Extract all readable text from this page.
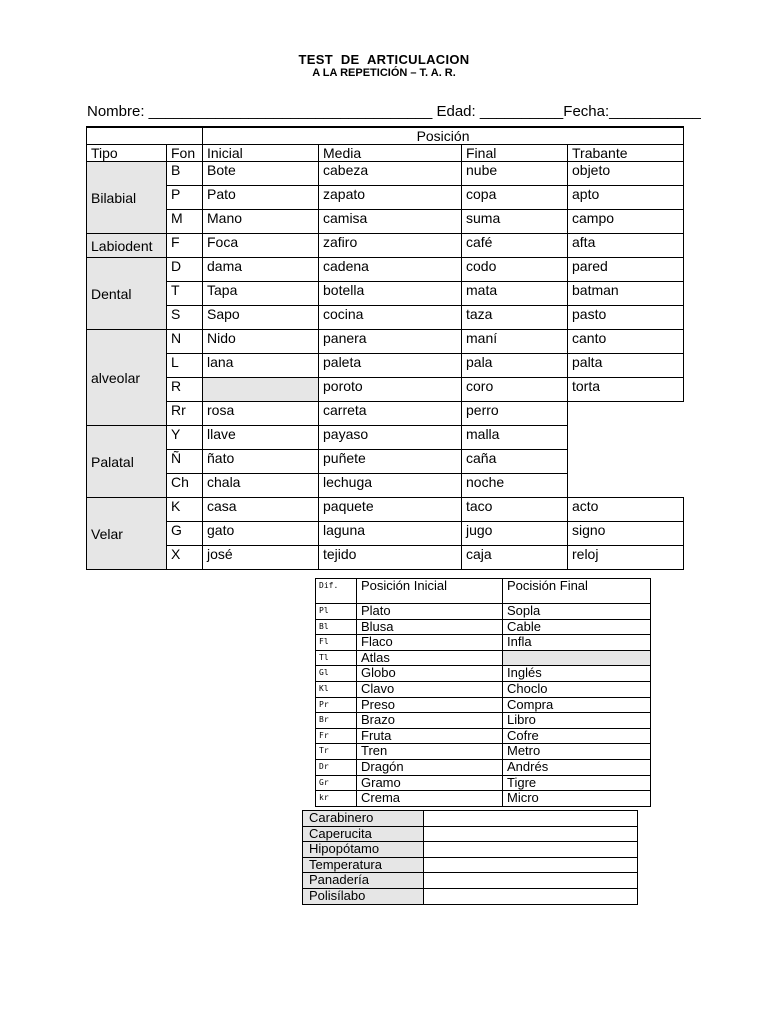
TEST DE ARTICULACION
A LA REPETICIÓN – T. A. R.
Nombre: __________________________________ Edad: __________Fecha:___________
		Posición			
Tipo	Fon	Inicial	Media	Final	Trabante
Bilabial	B	Bote	cabeza	nube	objeto
	P	Pato	zapato	copa	apto
	M	Mano	camisa	suma	campo
Labiodent	F	Foca	zafiro	café	afta
Dental	D	dama	cadena	codo	pared
	T	Tapa	botella	mata	batman
	S	Sapo	cocina	taza	pasto
alveolar	N	Nido	panera	maní	canto
	L	lana	paleta	pala	palta
	R		poroto	coro	torta
	Rr	rosa	carreta	perro	
Palatal	Y	llave	payaso	malla	
	Ñ	ñato	puñete	caña	
	Ch	chala	lechuga	noche	
Velar	K	casa	paquete	taco	acto
	G	gato	laguna	jugo	signo
	X	josé	tejido	caja	reloj
Dif.	Posición Inicial	Pocisión Final
Pl	Plato	Sopla
Bl	Blusa	Cable
Fl	Flaco	Infla
Tl	Atlas	
Gl	Globo	Inglés
Kl	Clavo	Choclo
Pr	Preso	Compra
Br	Brazo	Libro
Fr	Fruta	Cofre
Tr	Tren	Metro
Dr	Dragón	Andrés
Gr	Gramo	Tigre
kr	Crema	Micro
Carabinero	
Caperucita	
Hipopótamo	
Temperatura	
Panadería	
Polisílabo	
